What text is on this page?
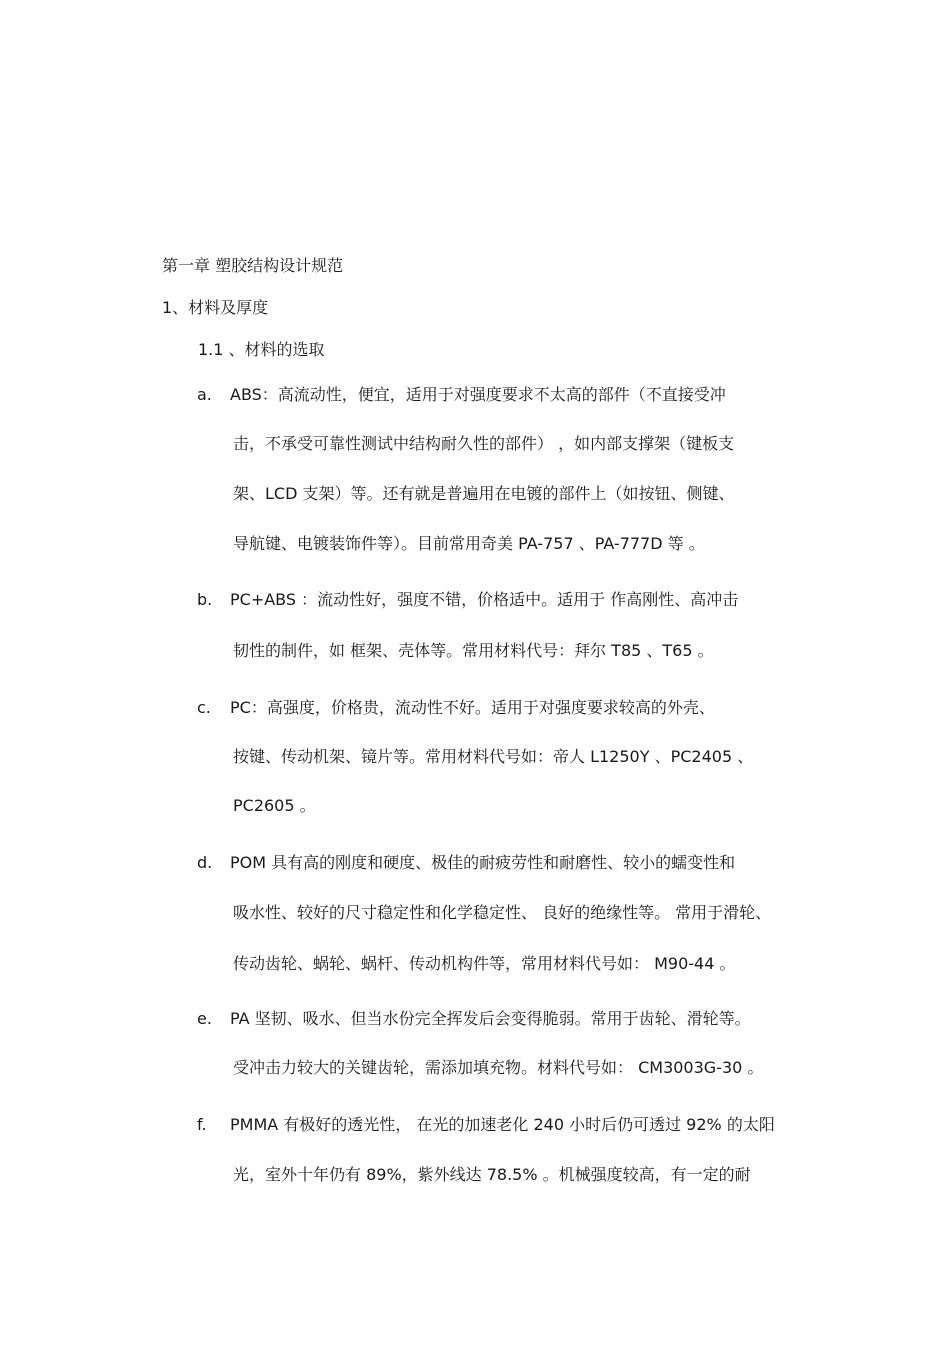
第一章 塑胶结构设计规范
1、材料及厚度
1.1 、材料的选取
a. ABS：高流动性，便宜，适用于对强度要求不太高的部件（不直接受冲
击，不承受可靠性测试中结构耐久性的部件） ，如内部支撑架（键板支
架、LCD 支架）等。还有就是普遍用在电镀的部件上（如按钮、侧键、
导航键、电镀装饰件等）。目前常用奇美 PA-757 、PA-777D 等 。
b. PC+ABS ：流动性好，强度不错，价格适中。适用于 作高刚性、高冲击
韧性的制件，如 框架、壳体等。常用材料代号：拜尔 T85 、T65 。
c. PC：高强度，价格贵，流动性不好。适用于对强度要求较高的外壳、
按键、传动机架、镜片等。常用材料代号如：帝人 L1250Y 、PC2405 、
PC2605 。
d. POM 具有高的刚度和硬度、极佳的耐疲劳性和耐磨性、较小的蠕变性和
吸水性、较好的尺寸稳定性和化学稳定性、 良好的绝缘性等。 常用于滑轮、
传动齿轮、蜗轮、蜗杆、传动机构件等，常用材料代号如： M90-44 。
e. PA 坚韧、吸水、但当水份完全挥发后会变得脆弱。常用于齿轮、滑轮等。
受冲击力较大的关键齿轮，需添加填充物。材料代号如： CM3003G-30 。
f. PMMA 有极好的透光性， 在光的加速老化 240 小时后仍可透过 92% 的太阳
光，室外十年仍有 89%，紫外线达 78.5% 。机械强度较高，有一定的耐
